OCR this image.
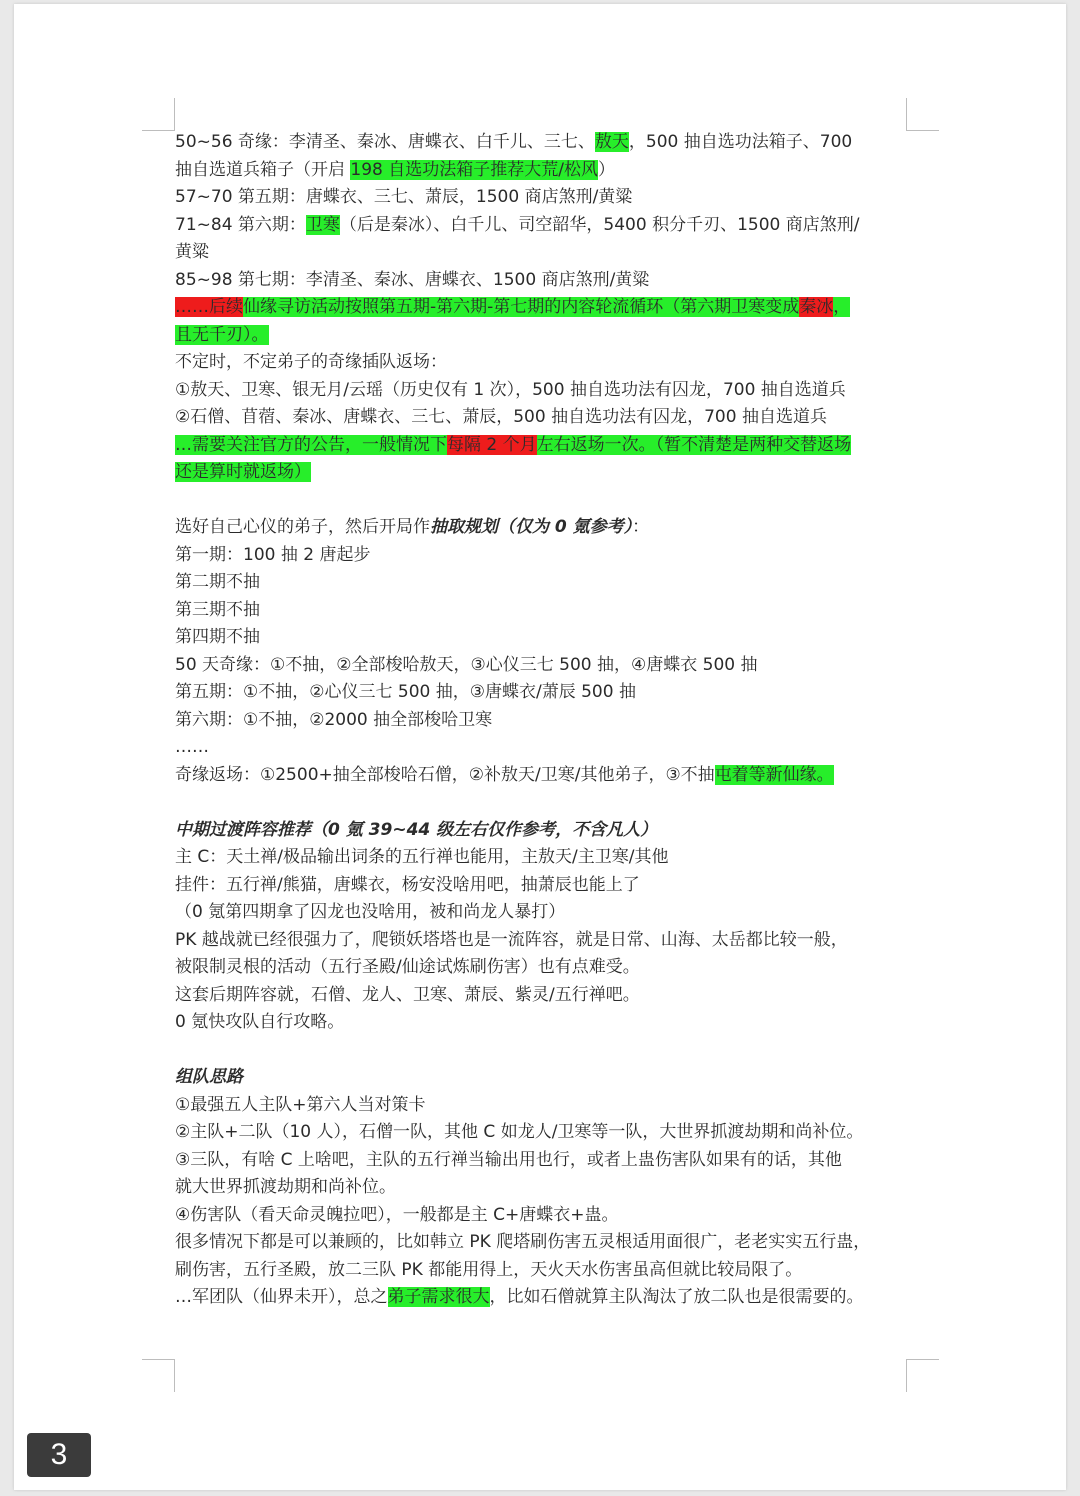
50~56 奇缘：李清圣、秦冰、唐蝶衣、白千儿、三七、敖天，500 抽自选功法箱子、700

抽自选道兵箱子（开启 198 自选功法箱子推荐大荒/松风）

57~70 第五期：唐蝶衣、三七、萧辰，1500 商店煞刑/黄粱

71~84 第六期：卫寒（后是秦冰）、白千儿、司空韶华，5400 积分千刃、1500 商店煞刑/

黄粱

85~98 第七期：李清圣、秦冰、唐蝶衣、1500 商店煞刑/黄粱

……后续仙缘寻访活动按照第五期-第六期-第七期的内容轮流循环（第六期卫寒变成秦冰，

且无千刃）。

不定时，不定弟子的奇缘插队返场：

①敖天、卫寒、银无月/云瑶（历史仅有 1 次），500 抽自选功法有囚龙，700 抽自选道兵

②石僧、苜蓿、秦冰、唐蝶衣、三七、萧辰，500 抽自选功法有囚龙，700 抽自选道兵

…需要关注官方的公告，一般情况下每隔 2 个月左右返场一次。（暂不清楚是两种交替返场

还是算时就返场）

选好自己心仪的弟子，然后开局作抽取规划（仅为 0 氪参考）：

第一期：100 抽 2 唐起步

第二期不抽

第三期不抽

第四期不抽

50 天奇缘：①不抽，②全部梭哈敖天，③心仪三七 500 抽，④唐蝶衣 500 抽

第五期：①不抽，②心仪三七 500 抽，③唐蝶衣/萧辰 500 抽

第六期：①不抽，②2000 抽全部梭哈卫寒

……

奇缘返场：①2500+抽全部梭哈石僧，②补敖天/卫寒/其他弟子，③不抽屯着等新仙缘。

中期过渡阵容推荐（0 氪 39~44 级左右仅作参考，不含凡人）

主 C：天土禅/极品输出词条的五行禅也能用，主敖天/主卫寒/其他

挂件：五行禅/熊猫，唐蝶衣，杨安没啥用吧，抽萧辰也能上了

（0 氪第四期拿了囚龙也没啥用，被和尚龙人暴打）

PK 越战就已经很强力了，爬锁妖塔塔也是一流阵容，就是日常、山海、太岳都比较一般，

被限制灵根的活动（五行圣殿/仙途试炼刷伤害）也有点难受。

这套后期阵容就，石僧、龙人、卫寒、萧辰、紫灵/五行禅吧。

0 氪快攻队自行攻略。

组队思路

①最强五人主队+第六人当对策卡

②主队+二队（10 人），石僧一队，其他 C 如龙人/卫寒等一队，大世界抓渡劫期和尚补位。

③三队，有啥 C 上啥吧，主队的五行禅当输出用也行，或者上蛊伤害队如果有的话，其他

就大世界抓渡劫期和尚补位。

④伤害队（看天命灵魄拉吧），一般都是主 C+唐蝶衣+蛊。

很多情况下都是可以兼顾的，比如韩立 PK 爬塔刷伤害五灵根适用面很广，老老实实五行蛊，

刷伤害，五行圣殿，放二三队 PK 都能用得上，天火天水伤害虽高但就比较局限了。

…军团队（仙界未开），总之弟子需求很大，比如石僧就算主队淘汰了放二队也是很需要的。

3
